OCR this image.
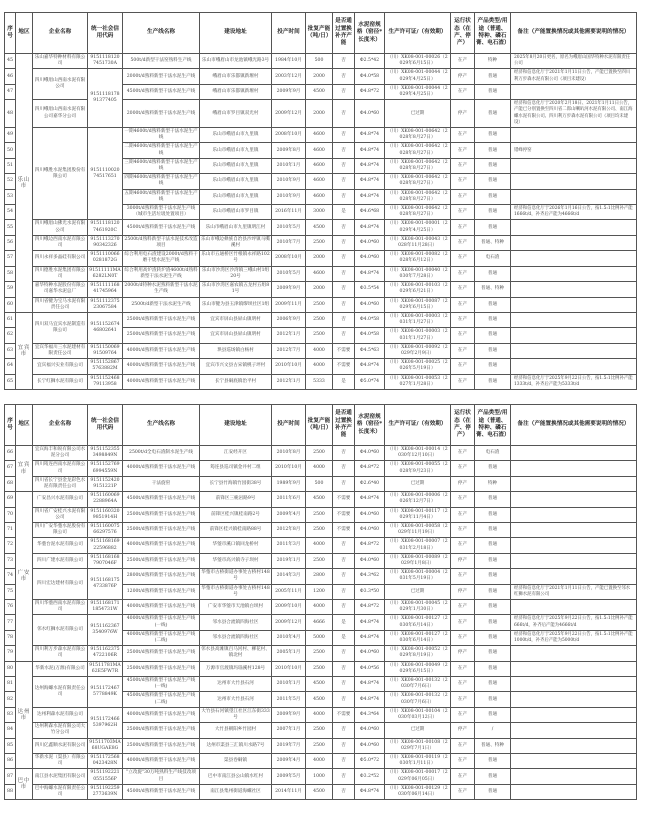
序号	地区	企业名称	统一社会信用代码	生产线名称	建设地址	投产时间	批复产能（吨/日）	是否通过置换补齐产能	水泥窑规格（窑径*长度米）	生产许可证/（有效期）	运行状态（在产、停产）	产品类型/用途（普通、特种、磷石膏、电石渣）	备注（产能置换情况或其他需要说明的情况）
45	乐山市	乐山嘉华特种材料有限公司	91511181207451730A	500t/d新型干法窑熟料生产线	乐山市峨眉山市龙池镇峨光路3号	1984年10月	500	否	Φ2.5*42	（川）XK08-001-00026（2029年6月15日）	在产	特种	2025年8月20日更名，原名为峨眉山国华特种水泥有限责任公司
46		四川峨眉山西南水泥有限公司	915111817891377405	2000t/d熟料新型干法水泥生产线	峨眉山市乐都镇新堰村	2003年12月	2000	否	Φ4.0*58	（川）XK08-001-00044（2029年4月25日）	停产	普通	经济和信息化厅于2021年1月11日公告，产能已置换至四川利万步森水泥有限公司（项目未建设）
47				4500t/d熟料新型干法水泥生产线	峨眉山市乐都镇新堰村	2009年9月	4500	否	Φ4.8*72	（川）XK08-001-00044（2029年4月25日）	在产	普通	
48		四川峨眉山西南水泥有限公司嘉华分公司		2000t/d熟料新型干法水泥生产线	峨眉山市罗目镇双光村	2009年12月	2000	否	Φ4.0*60	已过期	停产	普通	经济和信息化厅于2020年2月18日、2021年1月11日公告，产能已分别置换至四川省二郎山喇叭河水泥有限公司、南江海螺水泥有限公司、四川利万步森水泥有限公司（项目均未建设）
49		四川峨胜水泥集团股份有限公司	915111002074517651	一期4600t/d熟料新型干法水泥生产线	乐山市峨眉山市九里镇	2008年10月	4600	否	Φ4.8*74	（川）XK08-001-00642（2028年8月27日）	在产	普通	
50				二期4600t/d熟料新型干法水泥生产线	乐山市峨眉山市九里镇	2009年8月	4600	否	Φ4.8*74	（川）XK08-001-00642（2028年8月27日）	在产	普通	错峰停窑
51				三期4600t/d熟料新型干法水泥生产线	乐山市峨眉山市九里镇	2010年1月	4600	否	Φ4.8*74	（川）XK08-001-00642（2028年8月27日）	在产	普通	
52				四期4600t/d熟料新型干法水泥生产线	乐山市峨眉山市九里镇	2010年9月	4600	否	Φ4.8*74	（川）XK08-001-00642（2028年8月27日）	在产	普通	
53				五期4600t/d熟料新型干法水泥生产线	乐山市峨眉山市九里镇	2010年9月	4600	否	Φ4.8*74	（川）XK08-001-00642（2028年8月27日）	在产	普通	
54				3000t/d熟料新型干法水泥生产线（城市生活垃圾处置项目）	乐山市峨眉山市罗目镇	2016年11月	3000	是	Φ4.6*68	（川）XK08-001-00642（2028年8月27日）	在产	普通	经济和信息化厅于2026年1月16日公告，按1.5:1比例补产能1666t/d，补齐后产能为4666t/d
55		四川峨眉山佛光水泥有限公司	91511181207461920C	4500t/d熟料新型干法水泥生产线	乐山市峨眉山市九里镇明江村	2010年5月	4500	否	Φ4.8*74	（川）XK08-001-00001（2029年4月25日）	在产	普通	
56		四川峨边西南水泥有限公司	915111327090342326	2500t/d熟料新型干法水泥技术改造项目	乐山市峨边彝族自治县沙坪镇马嘶溪村	2010年7月	2500	否	Φ4.0*60	（川）XK08-001-00043（2028年11月28日）	在产	普通、特种	
57		四川永祥多晶硅有限公司	91511100660281872G	综合利用电石渣建设2000t/d熟料干磨干烧水泥生产线	乐山市五通桥区竹根镇永祥路102号	2008年10月	2000	否	Φ4.0*60	（川）XK08-001-00082（2028年6月12日）	在产	电石渣	
58		四川德胜水泥集团有限公司	91511111MA6282LN0T	综合利用高炉渣转炉渣4600t/d熟料新型干法水泥生产线	乐山市沙湾区沙湾镇三峨山村1组20号	2010年5月	4600	否	Φ4.8*74	（川）XK08-001-00040（2030年7月28日）	在产	普通	
59		嘉华特种水泥股份有限公司嘉华水泥总厂	915111116841745964	2000t/d特种水泥熟料新型干法水泥生产线	乐山市沙湾区嘉农镇五龙村五组81号	2009年9月	2000	否	Φ3.5*54	（川）XK08-001-00103（2029年6月21日）	在产	普通、特种	
60		四川省犍为宝马水泥有限责任公司	915111237523067584	2500t/d新型干法水泥生产线	乐山市犍为县玉津镇缪坝社区1组	2009年11月	2500	否	Φ4.0*60	（川）XK08-001-00087（2029年6月15日）	在产	普通	
61	宜宾市	四川双马宜宾水泥制造有限公司	915115267446802641	2500t/d熟料新型干法水泥生产线	宜宾市屏山县屏山镇明村	2006年9月	2500	否	Φ4.0*58	（川）XK08-001-00003（2031年1月27日）	在产	普通	
62				2500t/d熟料新型干法水泥生产线	宜宾市屏山县屏山镇明村	2012年1月	2500	否	Φ4.0*58	（川）XK08-001-00003（2031年1月27日）	在产	普通	
63		宜宾华福川三水泥建材有限责任公司	915115006991509764	4000t/d熟料新型干法水泥生产线	珙县巡场镇白杨村	2012年7月	4000	不需要	Φ4.5*63	（川）XK08-001-00092（2029年2月9日）	在产	普通	
64		宜宾福兴实业有限公司	91511528675763882M	4000t/d熟料新型干法水泥生产线	宜宾市兴文县古宋镇桃子坪村	2010年10月	4000	不需要	Φ4.8*74	（川）XK08-001-00025（2026年5月19日）	在产	普通	
65		长宁红狮水泥有限公司	915115246879113958	4000t/d熟料新型干法水泥生产线	长宁县硐底镇治平村	2012年1月	5333	是	Φ5.0*74	（川）XK08-001-00053（2027年1月28日）	在产	普通	经济和信息化厅于2025年9月22日公告，按1.5:1比例补产能1333t/d，补齐后产能为5333t/d
序号	地区	企业名称	统一社会信用代码	生产线名称	建设地址	投产时间	批复产能（吨/日）	是否通过置换补齐产能	水泥窑规格（窑径*长度米）	生产许可证/（有效期）	运行状态（在产、停产）	产品类型/用途（普通、特种、磷石膏、电石渣）	备注（产能置换情况或其他需要说明的情况）
66	宜宾市	宜宾海丰和锐有限公司水泥分公司	91511523553498849N	2500t/d全电石渣制水泥生产线	江安经开区	2010年8月	2500	否	Φ4.0*60	（川）XK08-001-00014（2030年12月10日）	在产	电石渣	
67		四川筠连西南水泥有限公司	91511527696994559N	4000t/d熟料新型干法水泥生产线	筠连县巡司镇金井村二组	2010年10月	4000	否	Φ4.8*72	（川）XK08-001-00055（2028年9月23日）	在产	普通	
68		四川省长宁县金龙彩色水泥有限责任公司	91511524209151221P	干法旋窑	长宁县竹海镇竹园街38号	1989年9月	500	否	Φ2.6*40	已过期	停产	特种	
69	广安市	广安昌兴水泥有限公司	91511600692288964A	4500t/d熟料新型干法水泥生产线	前锋区三桅岩路9号	2011年6月	4500	不需要	Φ4.8*74	（川）XK08-001-00006（2026年12月7日）	在产	普通	
70		四川省广安桂兴水泥有限公司	91511603209851914H	2500t/d熟料新型干法水泥生产线	前锋区桂兴镇桂南路2号	2009年4月	2500	不需要	Φ4.0*60	（川）XK08-001-00117（2029年11月4日）	在产	普通	
71		四川广安华蓥水泥股份有限公司	915116007566297576	2500t/d熟料新型干法水泥生产线	前锋区桂兴镇桂南路88号	2012年8月	2500	不需要	Φ4.0*60	（川）XK08-001-00058（2029年11月19日）	在产	普通	
72		华蓥台泥水泥有限公司	915116816922596882	4000t/d熟料新型干法水泥生产线	华蓥市溪口镇回龙桥村	2011年3月	4000	否	Φ4.8*72	（川）XK08-001-00007（2031年2月18日）	在产	普通	
73		四川广建水泥有限公司	91511681687907046F	2500t/d熟料新型干法水泥生产线	华蓥市高兴镇寺子坝村	2019年1月	2500	否	Φ4.0*60	（川）XK08-001-00089（2029年1月8日）	停产	普通	
74		四川宏达建材有限公司	91511681754733876P	2800t/d熟料新型干法水泥生产线	华蓥市古桥街道办事处古桥村148号	2014年3月	2800	否	Φ4.3*62	（川）XK08-001-00004（2031年5月19日）	在产	普通	
75				1200t/d熟料新型干法水泥生产线	华蓥市古桥街道办事处古桥村148号	2005年11月	1200	否	Φ3.3*50	已过期	停产	普通	经济和信息化厅于2021年1月11日公告，产能已置换至邻水红狮水泥有限公司
76		四川华蓥西南水泥有限公司	91511681711854731W	4000t/d熟料新型干法水泥生产线	广安市华蓥市天池镇白坝村	2009年10月	4000	否	Φ4.8*72	（川）XK08-001-00045（2029年1月30日）	在产	普通	
77		邻水红狮水泥有限公司	91511623673540976W	4000t/d熟料新型干法水泥生产线(一线)	邻水县合流镇四海社区	2009年12月	4666	是	Φ4.8*74	（川）XK08-001-00127（2030年6月14日）	在产	普通	经济和信息化厅于2025年9月22日公告，按1.5:1比例补产能666t/d，补齐后产能为4666t/d
78				4000t/d熟料新型干法水泥生产线(二线)	邻水县合流镇四海社区	2010年4月	5000	是	Φ4.8*74	（川）XK08-001-00127（2030年6月14日）	在产	普通	经济和信息化厅于2025年9月22日公告，按1.5:1比例补产能1000t/d，补齐后产能为5000t/d
79		四川利万步森水泥有限公司	91511623754722106R	2500t/d熟料新型干法水泥生产线	邻水县高滩镇百马河村、柳花村、镇北村	2005年1月	2500	否	Φ4.0*60	（川）XK08-001-00052（2029年8月19日）	停产	普通	
80	达州市	华新水泥(万源)有限公司	91511781MA62E5FW7R	2500t/d熟料新型干法水泥生产线	万源市官渡镇玛瑙溪村128号	2010年10月	2500	否	Φ4.0*56	（川）XK08-001-00049（2029年6月15日）	在产	普通	
81		达州海螺水泥有限责任公司	915117246757788​49K	4500t/d熟料新型干法水泥生产线(一线)	达州市大竹县石河	2010年1月	4500	否	Φ4.8*74	（川）XK08-001-00132（2030年7月6日）	在产	普通	
82				4500t/d熟料新型干法水泥生产线(二线)	达州市大竹县石河	2011年5月	4500	否	Φ4.8*74	（川）XK08-001-00132（2030年7月6日）	在产	普通	
83		达州利森水泥有限公司	91511724665397962H	4000t/d熟料新型干法水泥生产线	大竹县石河镇望江社区江东街333号	2009年9月	4000	不需要	Φ4.3*64	（川）XK08-001-00104（2030年03月12日）	在产	普通	
84		达州利森水泥有限公司大竹分公司		2500t/d熟料新型干法水泥生产线	大竹县朝阳乡竹园村	2007年1月	2500	否	Φ4.0*60	已过期	停产	/	
85		四川亿鑫顺水泥有限公司	91511703MA68UGAE8G	2500t/d熟料新型干法水泥生产线	达州市渠县三汇镇川水路7号	2019年7月	2500	否	Φ4.0*60	（川）XK08-001-00108（2029年7月1日）	在产	普通、特种	
86		华新水泥（渠县）有限公司	91511725680423428N	4000t/d熟料新型干法水泥生产线	渠县卷硐镇	2009年4月	4000	否	Φ5.0*72	（川）XK08-001-00119（2030年1月11日）	在产	普通	
87	巴中市	南江县水泥集团有限公司	91511922210551556P	"立改旋"30万吨熟料生产线技改项目	巴中市南江县公山镇水红村	2009年5月	1000	否	Φ3.2*52	（川）XK08-001-00017（2029年06月05日）	在产	普通	
88		巴中海螺水泥有限责任公司	91511922592773639N	4500t/d熟料新型干法水泥生产线	南江县集州街道海螺社区	2014年11月	4500	否	Φ4.8*74	（川）XK08-001-00129（2030年06月14日）	在产	普通	
